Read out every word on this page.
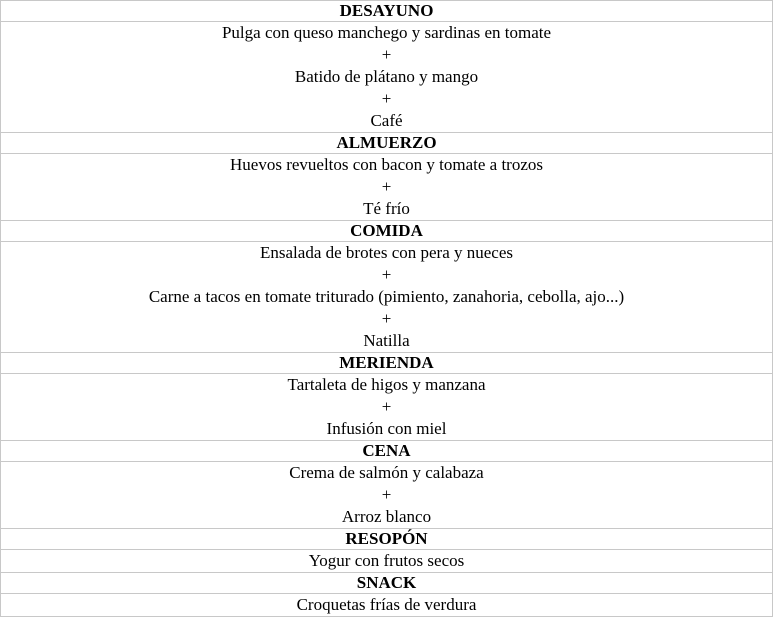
DESAYUNO

Pulga con queso manchego y sardinas en tomate
+
Batido de plátano y mango
+
Café

ALMUERZO

Huevos revueltos con bacon y tomate a trozos
+
Té frío

COMIDA

Ensalada de brotes con pera y nueces
+
Carne a tacos en tomate triturado (pimiento, zanahoria, cebolla, ajo...)
+
Natilla

MERIENDA

Tartaleta de higos y manzana
+
Infusión con miel

CENA

Crema de salmón y calabaza
+
Arroz blanco

RESOPÓN

Yogur con frutos secos

SNACK

Croquetas frías de verdura
